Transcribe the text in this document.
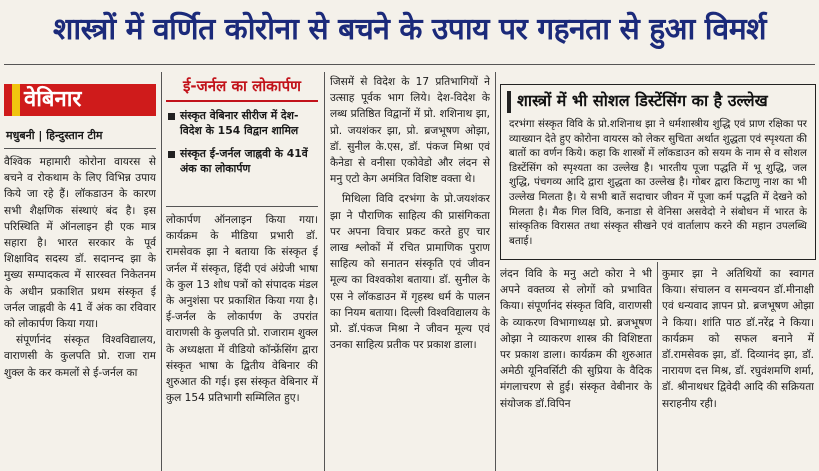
शास्त्रों में वर्णित कोरोना से बचने के उपाय पर गहनता से हुआ विमर्श
वेबिनार
मधुबनी | हिन्दुस्तान टीम

वैश्विक महामारी कोरोना वायरस से बचने व रोकथाम के लिए विभिन्न उपाय किये जा रहे हैं। लॉकडाउन के कारण सभी शैक्षणिक संस्थाएं बंद है। इस परिस्थिति में ऑनलाइन ही एक मात्र सहारा है। भारत सरकार के पूर्व शिक्षाविद सदस्य डॉ. सदानन्द झा के मुख्य सम्पादकत्व में सारस्वत निकेतनम के अधीन प्रकाशित प्रथम संस्कृत ई जर्नल जाह्नवी के 41 वें अंक का रविवार को लोकार्पण किया गया।

संपूर्णानंद संस्कृत विश्वविद्यालय, वाराणसी के कुलपति प्रो. राजा राम शुक्ल के कर कमलों से ई-जर्नल का

ई-जर्नल का लोकार्पण
संस्कृत वेबिनार सीरीज में देश-विदेश के 154 विद्वान शामिल
संस्कृत ई-जर्नल जाह्नवी के 41वें अंक का लोकार्पण

लोकार्पण ऑनलाइन किया गया। कार्यक्रम के मीडिया प्रभारी डॉ. रामसेवक झा ने बताया कि संस्कृत ई जर्नल में संस्कृत, हिंदी एवं अंग्रेजी भाषा के कुल 13 शोध पत्रों को संपादक मंडल के अनुशंसा पर प्रकाशित किया गया है। ई-जर्नल के लोकार्पण के उपरांत वाराणसी के कुलपति प्रो. राजाराम शुक्ल के अध्यक्षता में वीडियो कॉन्फ्रेंसिंग द्वारा संस्कृत भाषा के द्वितीय वेबिनार की शुरुआत की गई। इस संस्कृत वेबिनार में कुल 154 प्रतिभागी सम्मिलित हुए।

जिसमें से विदेश के 17 प्रतिभागियों ने उत्साह पूर्वक भाग लिये। देश-विदेश के लब्ध प्रतिष्ठित विद्वानों में प्रो. शशिनाथ झा, प्रो. जयशंकर झा, प्रो. ब्रजभूषण ओझा, डॉ. सुनील के.एस, डॉ. पंकज मिश्रा एवं कैनेडा से वनीसा एकोवेडो और लंदन से मनु एटो केग अमंत्रित विशिष्ट वक्ता थे।

मिथिला विवि दरभंगा के प्रो.जयशंकर झा ने पौराणिक साहित्य की प्रासंगिकता पर अपना विचार प्रकट करते हुए चार लाख श्लोकों में रचित प्रामाणिक पुराण साहित्य को सनातन संस्कृति एवं जीवन मूल्य का विश्वकोश बताया। डॉ. सुनील के एस ने लॉकडाउन में गृहस्थ धर्म के पालन का नियम बताया। दिल्ली विश्वविद्यालय के प्रो. डॉ.पंकज मिश्रा ने जीवन मूल्य एवं उनका साहित्य प्रतीक पर प्रकाश डाला।

शास्त्रों में भी सोशल डिस्टेंसिंग का है उल्लेख
दरभंगा संस्कृत विवि के प्रो.शशिनाथ झा ने धर्मशास्त्रीय शुद्धि एवं प्राण रक्षिका पर व्याख्यान देते हुए कोरोना वायरस को लेकर सुचिता अर्थात शुद्धता एवं स्पृश्यता की बातों का वर्णन किये। कहा कि शास्त्रों में लॉकडाउन को सयम के नाम से व सोशल डिस्टेंसिंग को स्पृश्यता का उल्लेख है। भारतीय पूजा पद्धति में भू शुद्धि, जल शुद्धि, पंचगव्य आदि द्वारा शुद्धता का उल्लेख है। गोबर द्वारा किटाणु नाश का भी उल्लेख मिलता है। ये सभी बातें सदाचार जीवन में पूजा कर्म पद्धति में देखने को मिलता है। मैक गिल विवि, कनाडा से वेनिसा असवेदो ने संबोधन में भारत के सांस्कृतिक विरासत तथा संस्कृत सीखने एवं वार्तालाप करने की महान उपलब्धि बताई।

लंदन विवि के मनु अटो कोरा ने भी अपने वक्तव्य से लोगों को प्रभावित किया। संपूर्णानंद संस्कृत विवि, वाराणसी के व्याकरण विभागाध्यक्ष प्रो. ब्रजभूषण ओझा ने व्याकरण शास्त्र की विशिष्टता पर प्रकाश डाला। कार्यक्रम की शुरुआत अमेठी यूनिवर्सिटी की सुप्रिया के वैदिक मंगलाचरण से हुई। संस्कृत वेबीनार के संयोजक डॉ.विपिन

कुमार झा ने अतिथियों का स्वागत किया। संचालन व समन्वयन डॉ.मीनाक्षी एवं धन्यवाद ज्ञापन प्रो. ब्रजभूषण ओझा ने किया। शांति पाठ डॉ.नरेंद्र ने किया। कार्यक्रम को सफल बनाने में डॉ.रामसेवक झा, डॉ. दिव्यानंद झा, डॉ. नारायण दत्त मिश्र, डॉ. रघुवंशमणि शर्मा, डॉ. श्रीनाथधर द्विवेदी आदि की सक्रियता सराहनीय रही।
